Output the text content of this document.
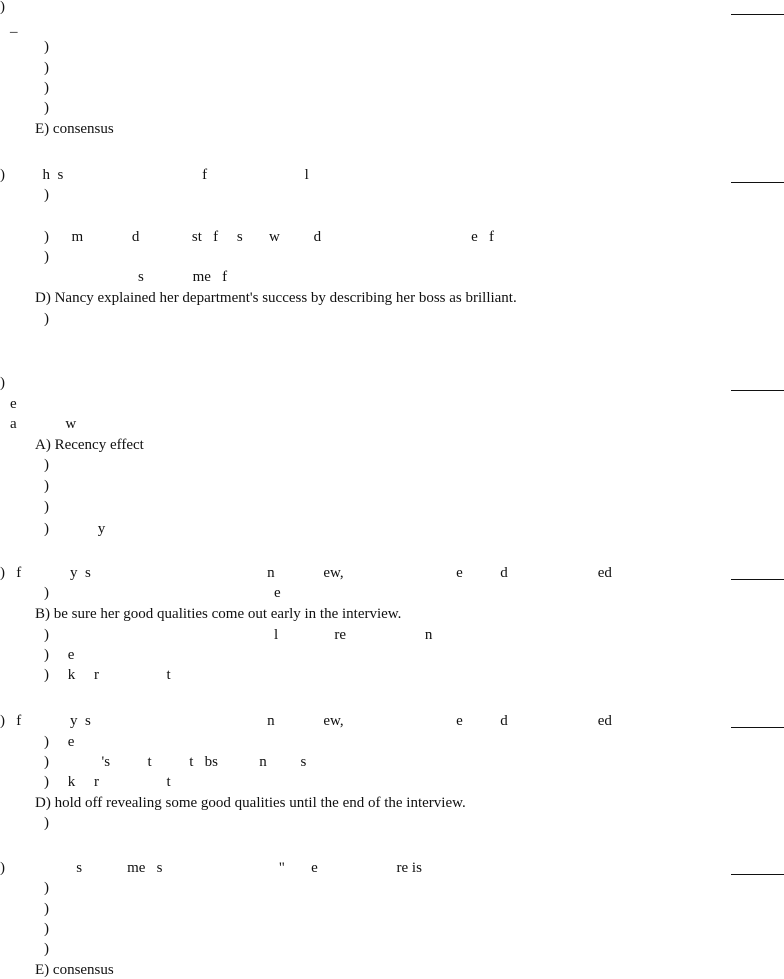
)
_
)
)
)
)
E) consensus
)          h  s                                     f                          l
)
)      m             d              st   f     s       w         d                                        e   f
)
s             me   f
D) Nancy explained her department's success by describing her boss as brilliant.
)
)
e
a             w
A) Recency effect
)
)
)
)             y
)   f             y  s                                               n             ew,                              e          d                        ed
)                                                            e
B) be sure her good qualities come out early in the interview.
)                                                            l               re                     n
)     e
)     k     r                  t
)   f             y  s                                               n             ew,                              e          d                        ed
)     e
)              's          t          t   bs           n         s
)     k     r                  t
D) hold off revealing some good qualities until the end of the interview.
)
)                   s            me   s                               "       e                     re is
)
)
)
)
E) consensus
